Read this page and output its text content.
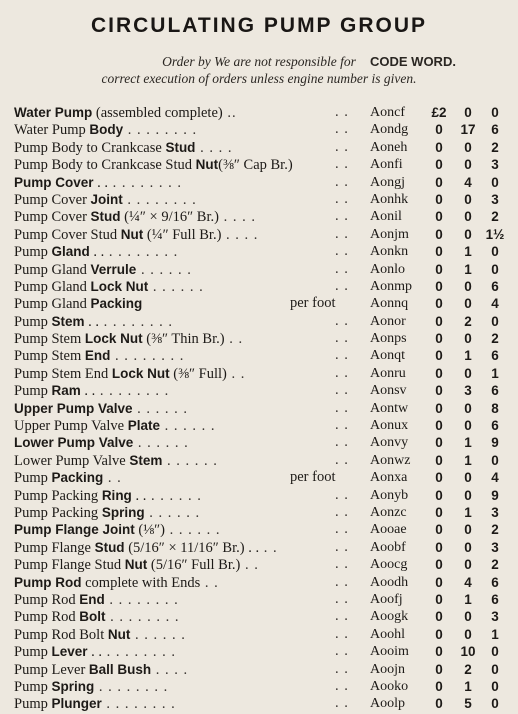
CIRCULATING PUMP GROUP
Order by	CODE WORD.
We are not responsible for
correct execution of orders unless engine number is given.
Water Pump (assembled complete) ..	. . Aoncf	£2	0	0
Water Pump Body . . . . . . . .	. . Aondg	0	17	6
Pump Body to Crankcase Stud . . . .	. . Aoneh	0	0	2
Pump Body to Crankcase Stud Nut(⅜″ Cap Br.)	. . Aonfi	0	0	3
Pump Cover . . . . . . . . . .	. . Aongj	0	4	0
Pump Cover Joint . . . . . . . .	. . Aonhk	0	0	3
Pump Cover Stud (¼″ × 9/16″ Br.) . . . .	. . Aonil	0	0	2
Pump Cover Stud Nut (¼″ Full Br.) . . . .	. . Aonjm	0	0	1½
Pump Gland . . . . . . . . . .	. . Aonkn	0	1	0
Pump Gland Verrule . . . . . .	. . Aonlo	0	1	0
Pump Gland Lock Nut . . . . . .	. . Aonmp	0	0	6
Pump Gland Packing	per foot Aonnq	0	0	4
Pump Stem . . . . . . . . . .	. . Aonor	0	2	0
Pump Stem Lock Nut (⅜″ Thin Br.) . .	. . Aonps	0	0	2
Pump Stem End . . . . . . . .	. . Aonqt	0	1	6
Pump Stem End Lock Nut (⅜″ Full) . .	. . Aonru	0	0	1
Pump Ram . . . . . . . . . .	. . Aonsv	0	3	6
Upper Pump Valve . . . . . .	. . Aontw	0	0	8
Upper Pump Valve Plate . . . . . .	. . Aonux	0	0	6
Lower Pump Valve . . . . . .	. . Aonvy	0	1	9
Lower Pump Valve Stem . . . . . .	. . Aonwz	0	1	0
Pump Packing . .	per foot Aonxa	0	0	4
Pump Packing Ring . . . . . . . .	. . Aonyb	0	0	9
Pump Packing Spring . . . . . .	. . Aonzc	0	1	3
Pump Flange Joint (⅛″) . . . . . .	. . Aooae	0	0	2
Pump Flange Stud (5/16″ × 11/16″ Br.) . . . .	. . Aoobf	0	0	3
Pump Flange Stud Nut (5/16″ Full Br.) . .	. . Aoocg	0	0	2
Pump Rod complete with Ends . .	. . Aoodh	0	4	6
Pump Rod End . . . . . . . .	. . Aoofj	0	1	6
Pump Rod Bolt . . . . . . . .	. . Aoogk	0	0	3
Pump Rod Bolt Nut . . . . . .	. . Aoohl	0	0	1
Pump Lever . . . . . . . . . .	. . Aooim	0	10	0
Pump Lever Ball Bush . . . .	. . Aoojn	0	2	0
Pump Spring . . . . . . . .	. . Aooko	0	1	0
Pump Plunger . . . . . . . .	. . Aoolp	0	5	0
